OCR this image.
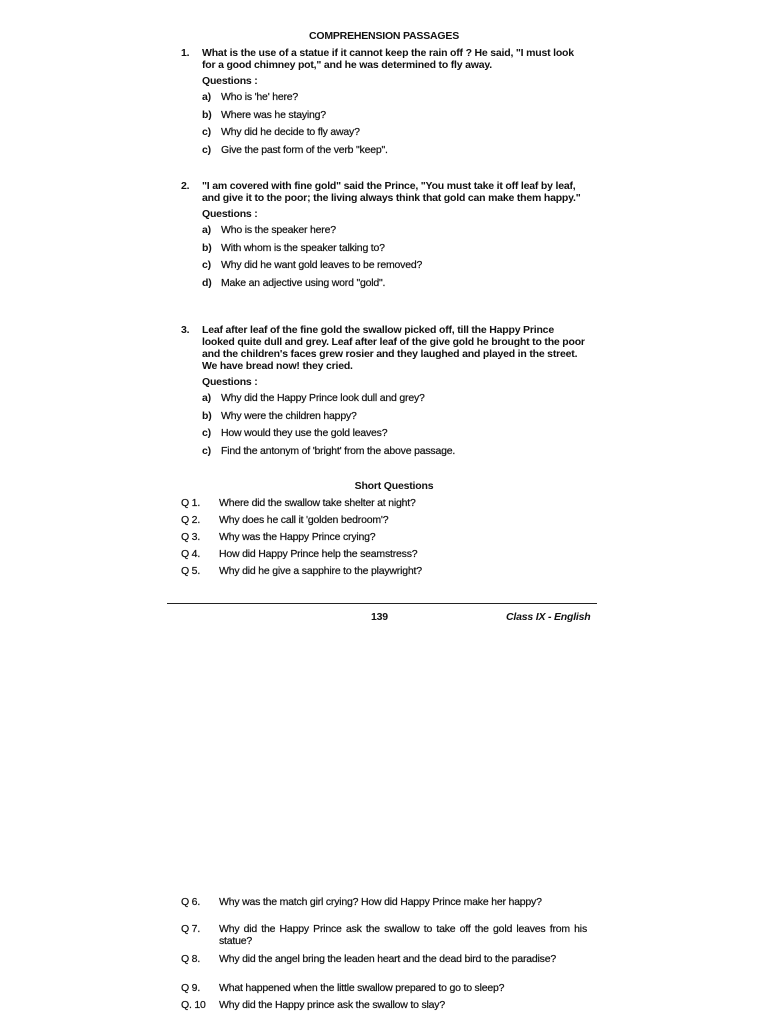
COMPREHENSION PASSAGES
1. What is the use of a statue if it cannot keep the rain off ? He said, "I must look for a good chimney pot," and he was determined to fly away.
Questions :
a) Who is 'he' here?
b) Where was he staying?
c) Why did he decide to fly away?
c) Give the past form of the verb "keep".
2. "I am covered with fine gold" said the Prince, "You must take it off leaf by leaf, and give it to the poor; the living always think that gold can make them happy."
Questions :
a) Who is the speaker here?
b) With whom is the speaker talking to?
c) Why did he want gold leaves to be removed?
d) Make an adjective using word "gold".
3. Leaf after leaf of the fine gold the swallow picked off, till the Happy Prince looked quite dull and grey. Leaf after leaf of the give gold he brought to the poor and the children's faces grew rosier and they laughed and played in the street. We have bread now! they cried.
Questions :
a) Why did the Happy Prince look dull and grey?
b) Why were the children happy?
c) How would they use the gold leaves?
c) Find the antonym of 'bright' from the above passage.
Short Questions
Q 1. Where did the swallow take shelter at night?
Q 2. Why does he call it 'golden bedroom'?
Q 3. Why was the Happy Prince crying?
Q 4. How did Happy Prince help the seamstress?
Q 5. Why did he give a sapphire to the playwright?
139	Class IX - English
Q 6. Why was the match girl crying? How did Happy Prince make her happy?
Q 7. Why did the Happy Prince ask the swallow to take off the gold leaves from his statue?
Q 8. Why did the angel bring the leaden heart and the dead bird to the paradise?
Q 9. What happened when the little swallow prepared to go to sleep?
Q. 10 Why did the Happy prince ask the swallow to slay?
